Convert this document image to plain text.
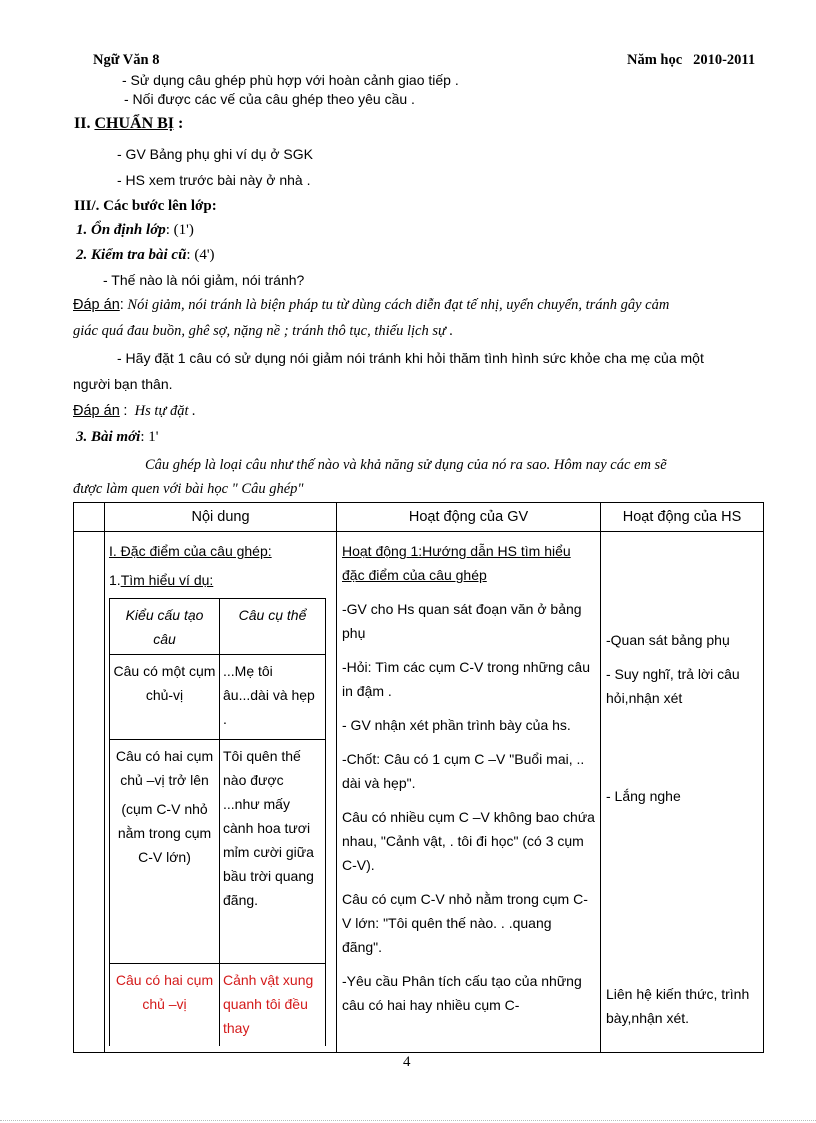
Ngữ Văn 8	Năm học 2010-2011
- Sử dụng câu ghép phù hợp với hoàn cảnh giao tiếp .
- Nối được các vế của câu ghép theo yêu cầu .
II. CHUẨN BỊ :
- GV Bảng phụ ghi ví dụ ở SGK
- HS xem trước bài này ở nhà .
III/. Các bước lên lớp:
1. Ổn định lớp: (1')
2. Kiểm tra bài cũ: (4')
- Thế nào là nói giảm, nói tránh?
Đáp án: Nói giảm, nói tránh là biện pháp tu từ dùng cách diễn đạt tế nhị, uyển chuyển, tránh gây cảm
giác quá đau buồn, ghê sợ, nặng nề ; tránh thô tục, thiếu lịch sự .
- Hãy đặt 1 câu có sử dụng nói giảm nói tránh khi hỏi thăm tình hình sức khỏe cha mẹ của một
người bạn thân.
Đáp án : Hs tự đặt .
3. Bài mới: 1'
Câu ghép là loại câu như thế nào và khả năng sử dụng của nó ra sao. Hôm nay các em sẽ
được làm quen với bài học " Câu ghép"
	Nội dung	Hoạt động của GV	Hoạt động của HS

I. Đặc điểm của câu ghép:
1.Tìm hiểu ví dụ:
Kiểu cấu tạo câu	Câu cụ thể
Câu có một cụm chủ-vị	...Mẹ tôi âu...dài và hẹp .

Câu có hai cụm chủ –vị trở lên
(cụm C-V nhỏ nằm trong cụm C-V lớn)
	Tôi quên thế nào được ...như mấy cành hoa tươi mỉm cười giữa bầu trời quang đãng.
Câu có hai cụm chủ –vị	Cảnh vật xung quanh tôi đều thay

Hoạt động 1:Hướng dẫn HS tìm hiểu đặc điểm của câu ghép
-GV cho Hs quan sát đoạn văn ở bảng phụ
-Hỏi: Tìm các cụm C-V trong những câu in đậm .
- GV nhận xét phần trình bày của hs.
-Chốt: Câu có 1 cụm C –V "Buổi mai, .. dài và hẹp".
Câu có nhiều cụm C –V không bao chứa nhau, "Cảnh vật, . tôi đi học" (có 3 cụm C-V).
Câu có cụm C-V nhỏ nằm trong cụm C-V lớn: "Tôi quên thế nào. . .quang đãng".
-Yêu cầu Phân tích cấu tạo của những câu có hai hay nhiều cụm C-

-Quan sát bảng phụ
- Suy nghĩ, trả lời câu hỏi,nhận xét
- Lắng nghe
Liên hệ kiến thức, trình bày,nhận xét.
4
